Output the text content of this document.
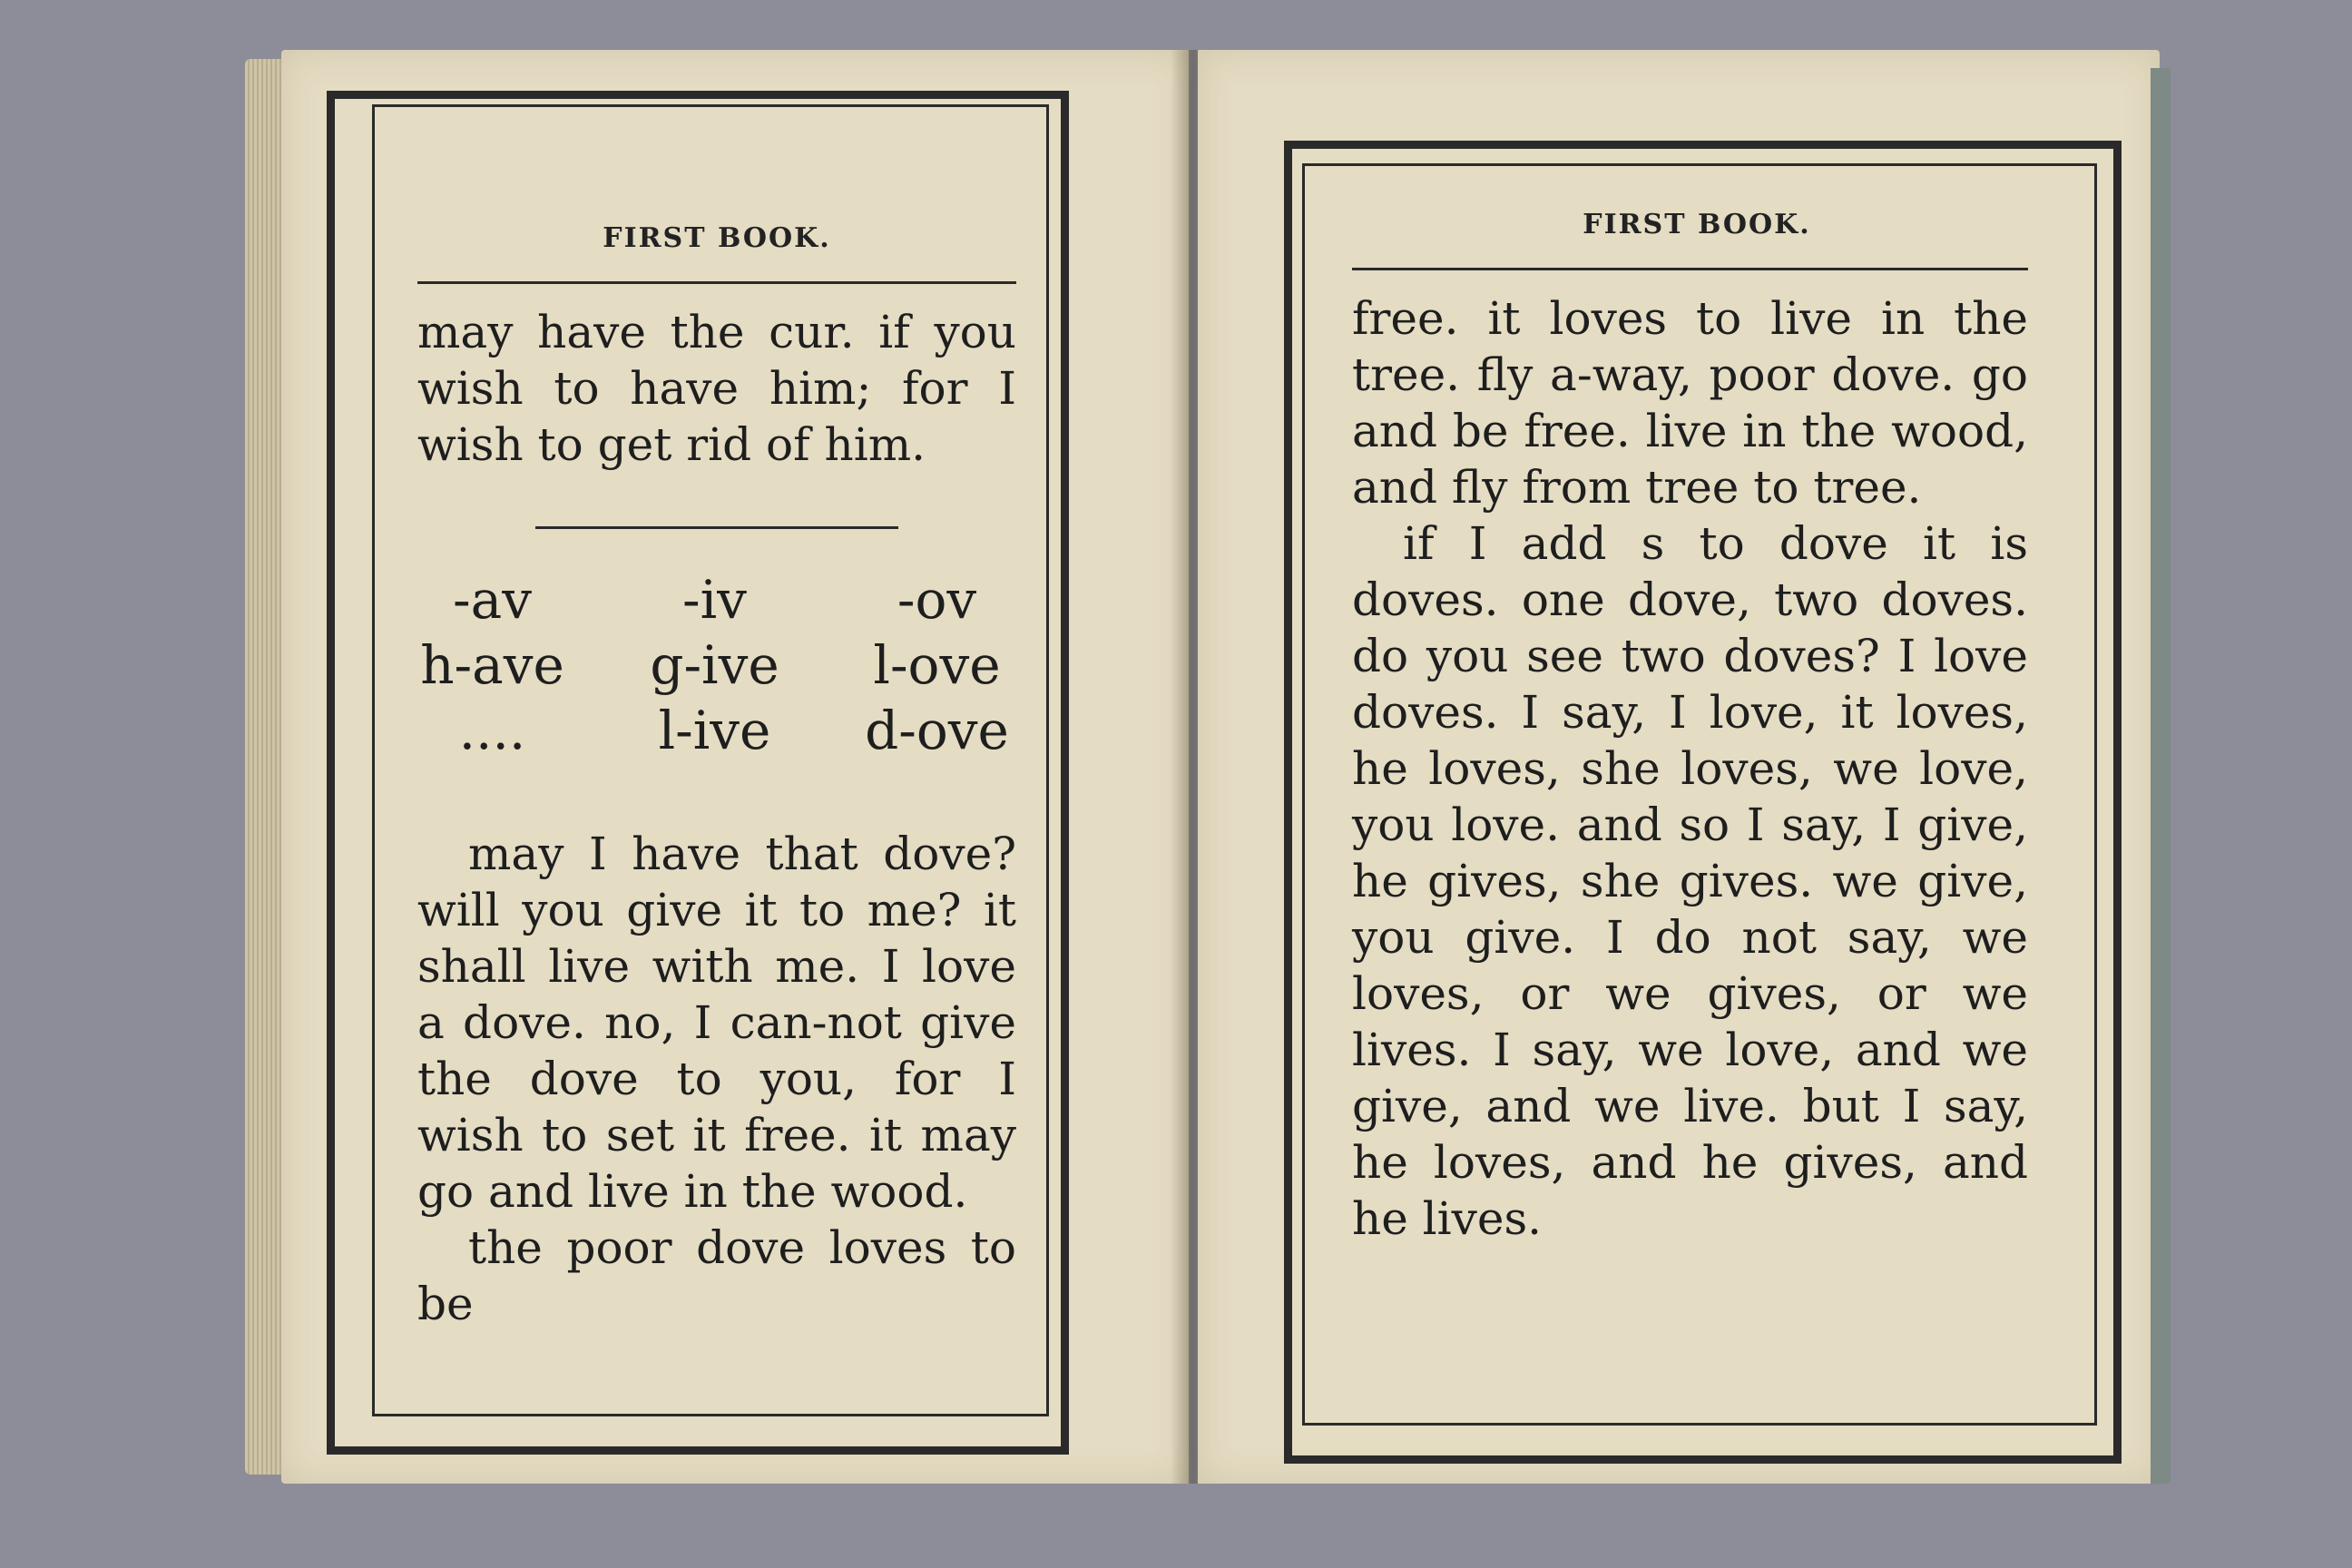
FIRST BOOK.

may have the cur. if you wish to have him; for I wish to get rid of him.

-av	-iv	-ov
h-ave	g-ive	l-ove
....	l-ive	d-ove

may I have that dove? will you give it to me? it shall live with me. I love a dove. no, I can-not give the dove to you, for I wish to set it free. it may go and live in the wood.

the poor dove loves to be

FIRST BOOK.

free. it loves to live in the tree. fly a-way, poor dove. go and be free. live in the wood, and fly from tree to tree.

if I add s to dove it is doves. one dove, two doves. do you see two doves? I love doves. I say, I love, it loves, he loves, she loves, we love, you love. and so I say, I give, he gives, she gives. we give, you give. I do not say, we loves, or we gives, or we lives. I say, we love, and we give, and we live. but I say, he loves, and he gives, and he lives.
